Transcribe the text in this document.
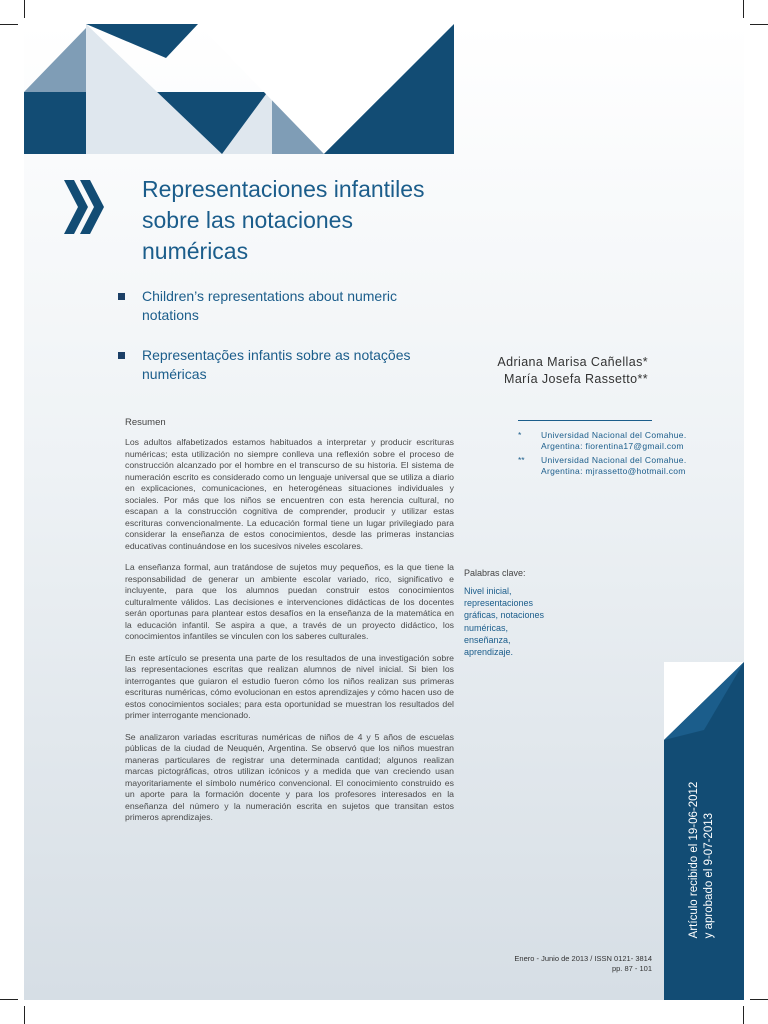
Representaciones infantiles sobre las notaciones numéricas
Children’s representations about numeric notations
Representações infantis sobre as notações numéricas
Adriana Marisa Cañellas*
María Josefa Rassetto**
*	Universidad Nacional del Comahue. Argentina: fiorentina17@gmail.com
**	Universidad Nacional del Comahue. Argentina: mjrassetto@hotmail.com
Resumen

Los adultos alfabetizados estamos habituados a interpretar y producir escrituras numéricas; esta utilización no siempre conlleva una reflexión sobre el proceso de construcción alcanzado por el hombre en el transcurso de su historia. El sistema de numeración escrito es considerado como un lenguaje universal que se utiliza a diario en explicaciones, comunicaciones, en heterogéneas situaciones individuales y sociales. Por más que los niños se encuentren con esta herencia cultural, no escapan a la construcción cognitiva de comprender, producir y utilizar estas escrituras convencionalmente. La educación formal tiene un lugar privilegiado para considerar la enseñanza de estos conocimientos, desde las primeras instancias educativas continuándose en los sucesivos niveles escolares.

La enseñanza formal, aun tratándose de sujetos muy pequeños, es la que tiene la responsabilidad de generar un ambiente escolar variado, rico, significativo e incluyente, para que los alumnos puedan construir estos conocimientos culturalmente válidos. Las decisiones e intervenciones didácticas de los docentes serán oportunas para plantear estos desafíos en la enseñanza de la matemática en la educación infantil. Se aspira a que, a través de un proyecto didáctico, los conocimientos infantiles se vinculen con los saberes culturales.

En este artículo se presenta una parte de los resultados de una investigación sobre las representaciones escritas que realizan alumnos de nivel inicial. Si bien los interrogantes que guiaron el estudio fueron cómo los niños realizan sus primeras escrituras numéricas, cómo evolucionan en estos aprendizajes y cómo hacen uso de estos conocimientos sociales; para esta oportunidad se muestran los resultados del primer interrogante mencionado.

Se analizaron variadas escrituras numéricas de niños de 4 y 5 años de escuelas públicas de la ciudad de Neuquén, Argentina. Se observó que los niños muestran maneras particulares de registrar una determinada cantidad; algunos realizan marcas pictográficas, otros utilizan icónicos y a medida que van creciendo usan mayoritariamente el símbolo numérico convencional. El conocimiento construido es un aporte para la formación docente y para los profesores interesados en la enseñanza del número y la numeración escrita en sujetos que transitan estos primeros aprendizajes.

Palabras clave:
Nivel inicial, representaciones gráficas, notaciones numéricas, enseñanza, aprendizaje.
Artículo recibido el 19-06-2012 y aprobado el 9-07-2013
Enero - Junio de 2013 / ISSN 0121- 3814
pp. 87 - 101
